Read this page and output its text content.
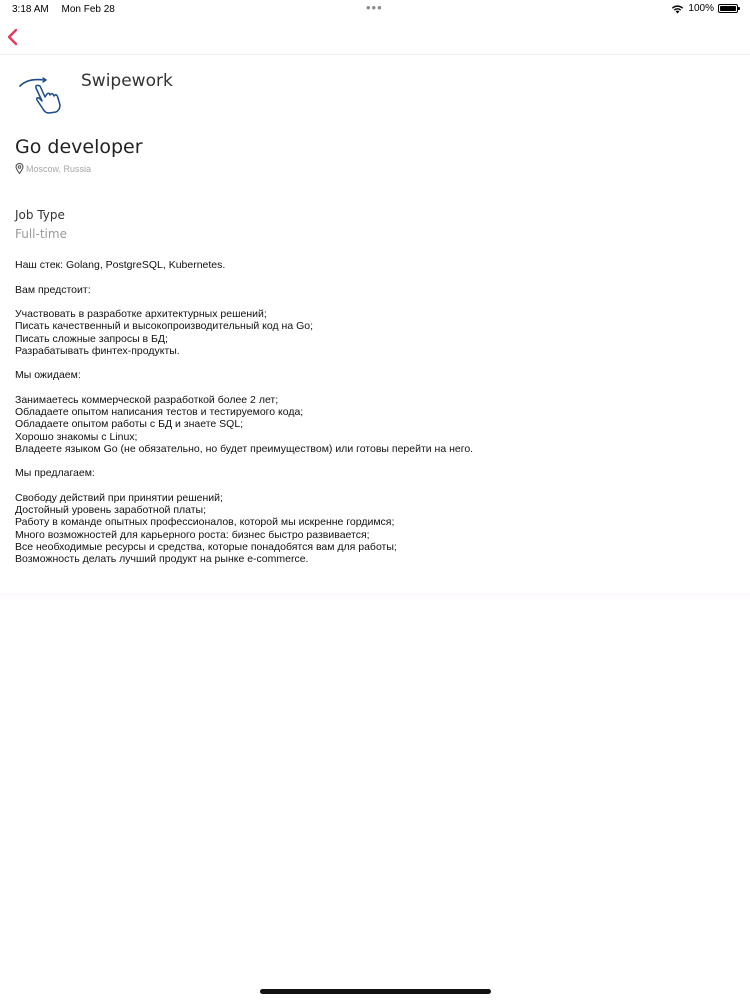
3:18 AM Mon Feb 28	•••	100%
Swipework
Go developer
Moscow, Russia
Job Type
Full-time

Наш стек: Golang, PostgreSQL, Kubernetes.

Вам предстоит:

Участвовать в разработке архитектурных решений;

Писать качественный и высокопроизводительный код на Go;

Писать сложные запросы в БД;

Разрабатывать финтех-продукты.

Мы ожидаем:

Занимаетесь коммерческой разработкой более 2 лет;

Обладаете опытом написания тестов и тестируемого кода;

Обладаете опытом работы с БД и знаете SQL;

Хорошо знакомы с Linux;

Владеете языком Go (не обязательно, но будет преимуществом) или готовы перейти на него.

Мы предлагаем:

Свободу действий при принятии решений;

Достойный уровень заработной платы;

Работу в команде опытных профессионалов, которой мы искренне гордимся;

Много возможностей для карьерного роста: бизнес быстро развивается;

Все необходимые ресурсы и средства, которые понадобятся вам для работы;

Возможность делать лучший продукт на рынке e-commerce.
